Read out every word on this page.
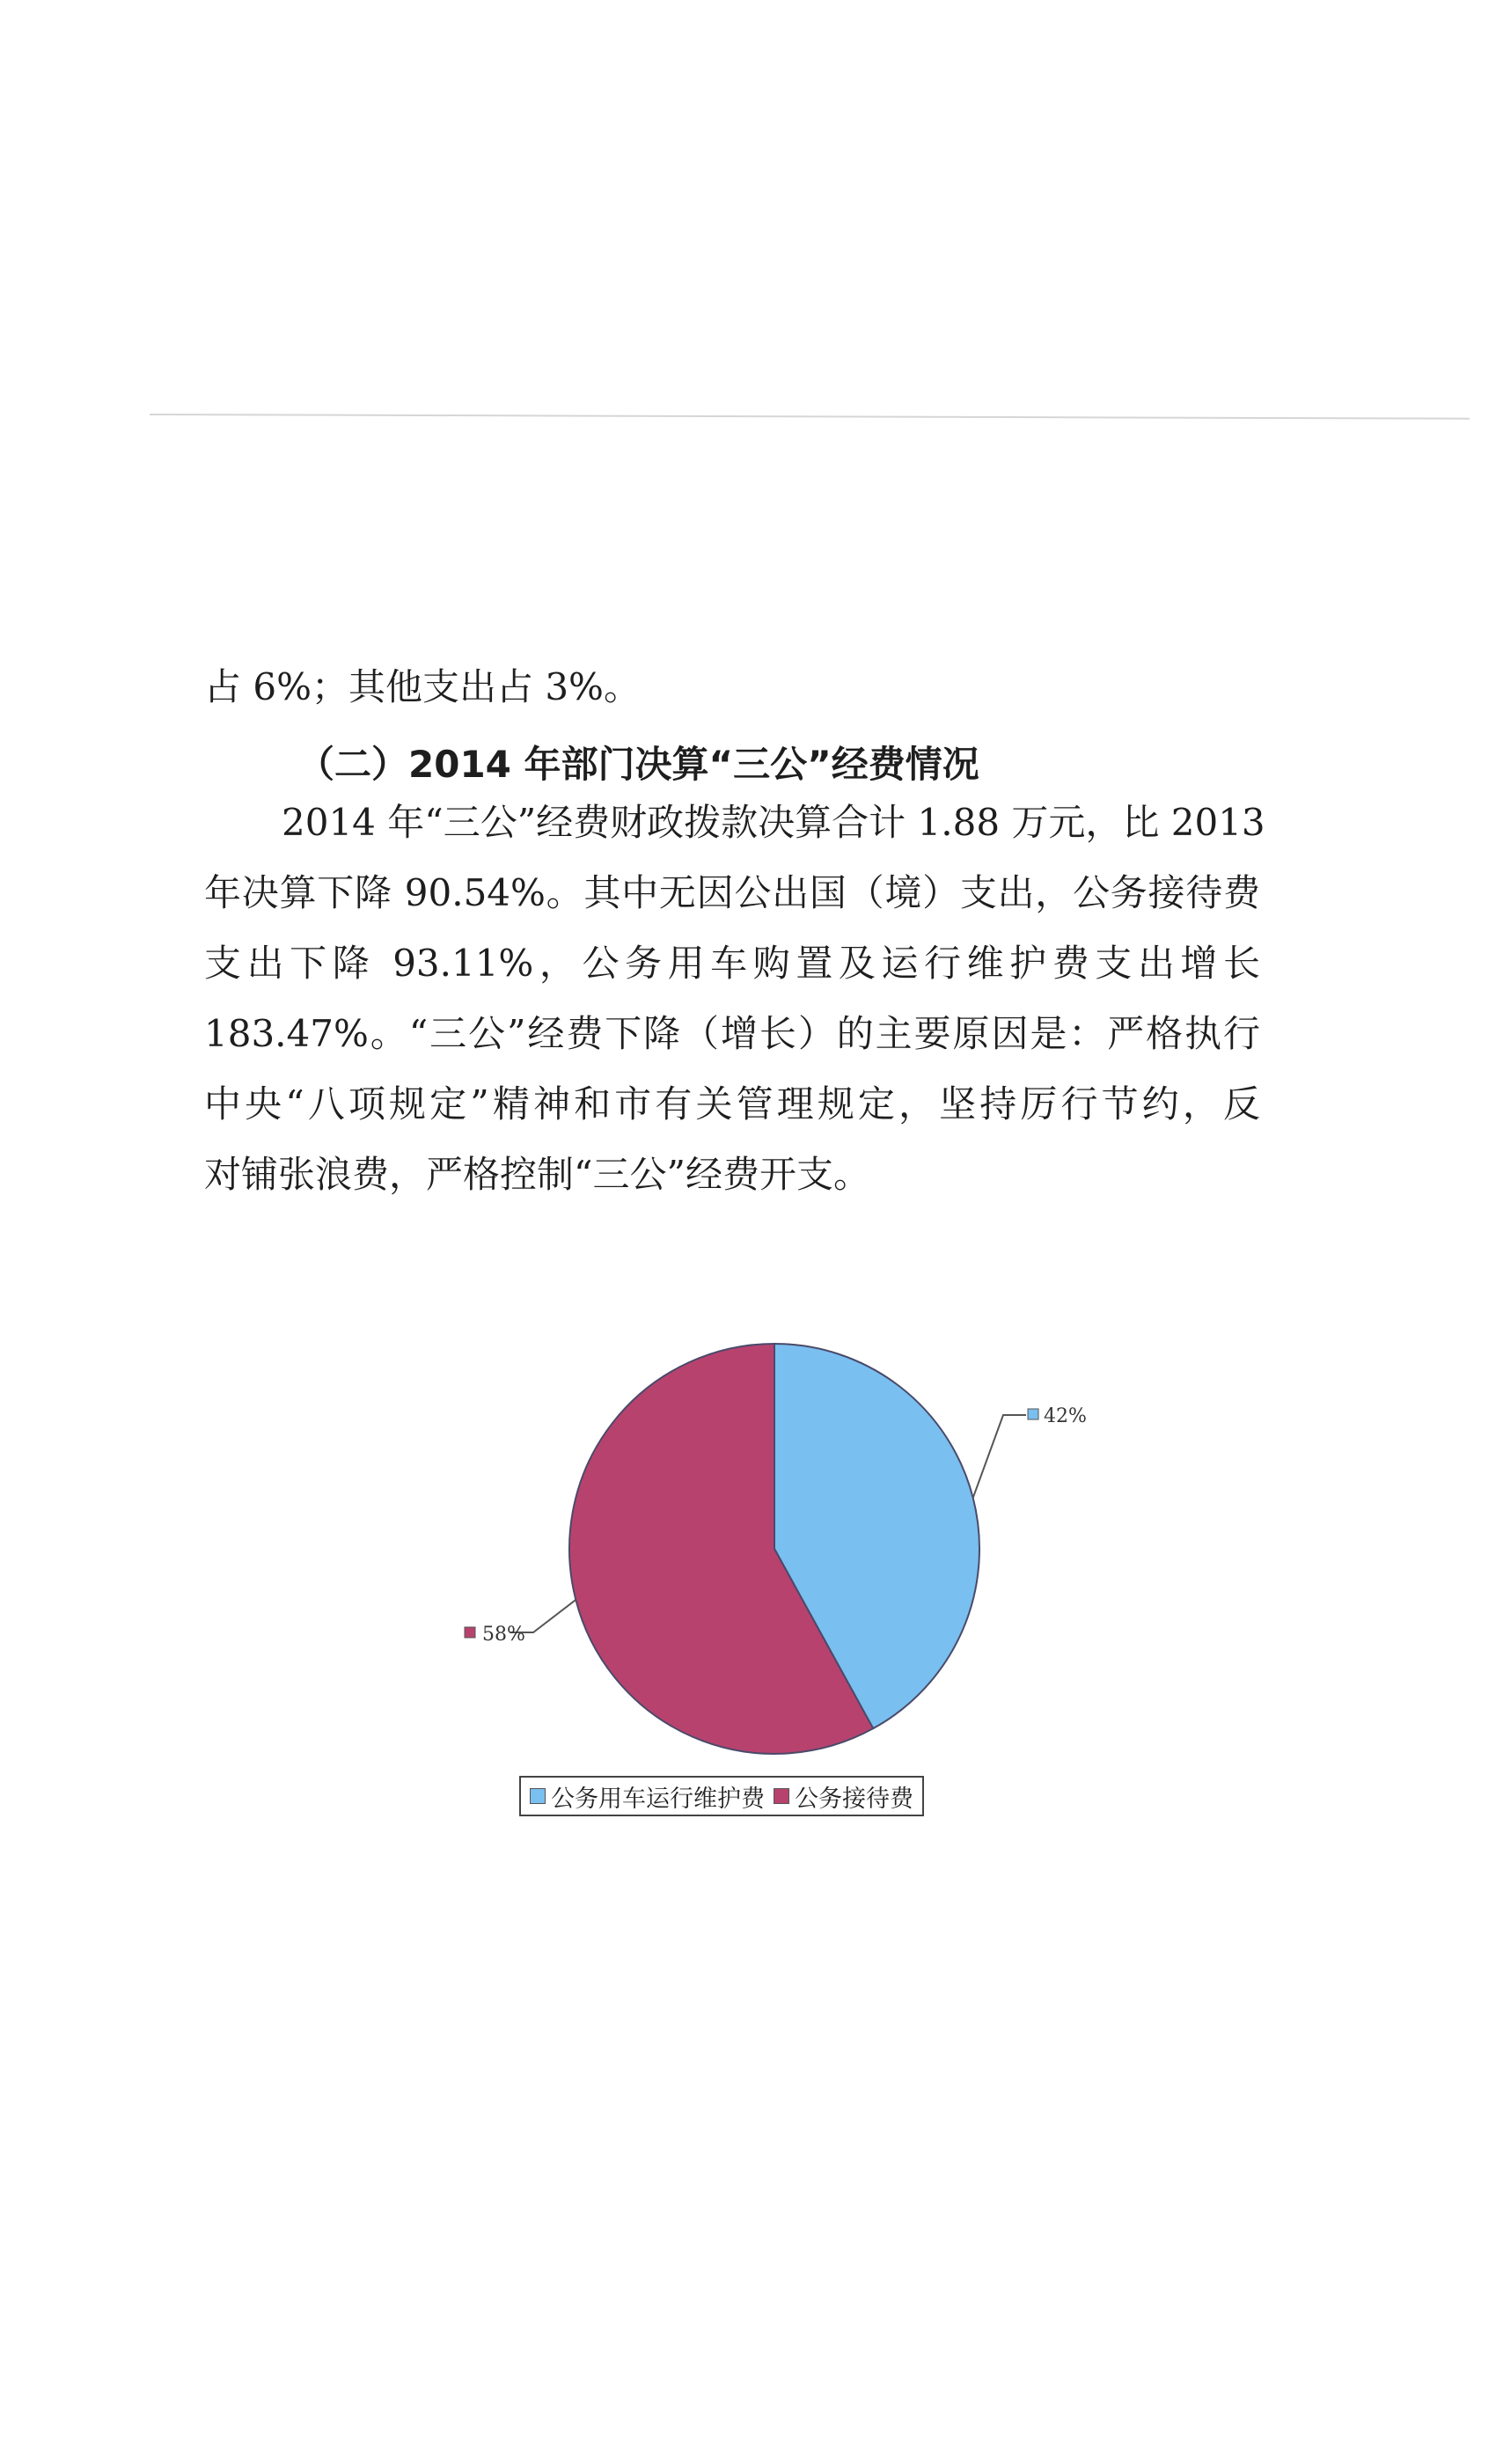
占 6%；其他支出占 3%。
（二）2014 年部门决算“三公”经费情况
2014 年“三公”经费财政拨款决算合计 1.88 万元，比 2013
年决算下降 90.54%。其中无因公出国（境）支出，公务接待费
支出下降 93.11%，公务用车购置及运行维护费支出增长
183.47%。“三公”经费下降（增长）的主要原因是：严格执行
中央“八项规定”精神和市有关管理规定，坚持厉行节约，反
对铺张浪费，严格控制“三公”经费开支。
42%
58%
公务用车运行维护费 公务接待费
